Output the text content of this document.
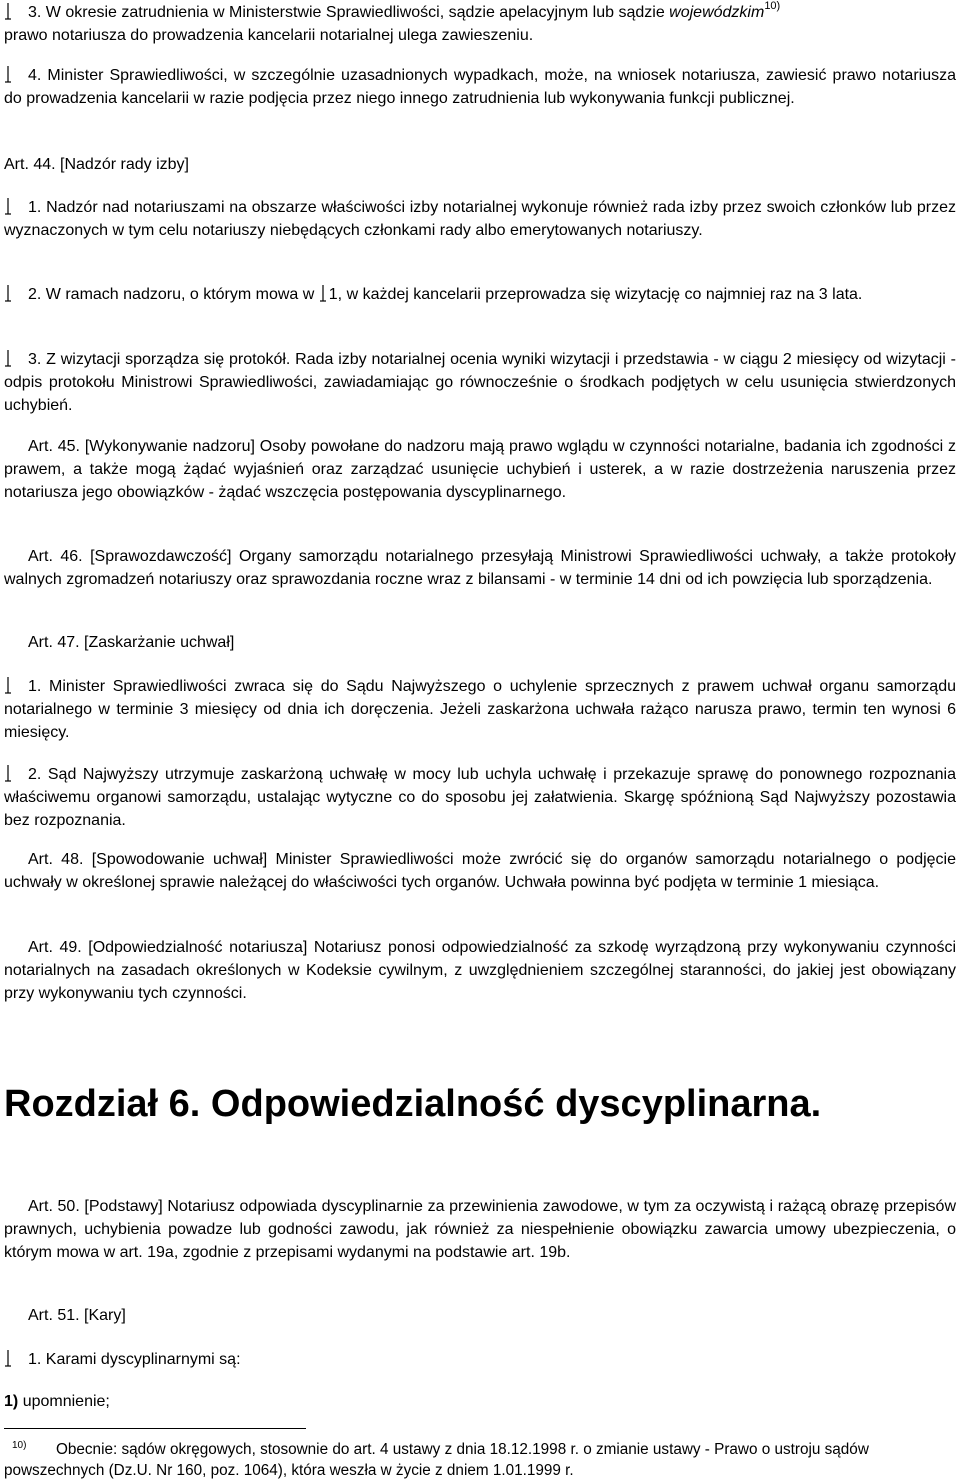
3. W okresie zatrudnienia w Ministerstwie Sprawiedliwości, sądzie apelacyjnym lub sądzie wojewódzkim$^{10)}$
prawo notariusza do prowadzenia kancelarii notarialnej ulega zawieszeniu.

4. Minister Sprawiedliwości, w szczególnie uzasadnionych wypadkach, może, na wniosek notariusza, zawiesić prawo notariusza do prowadzenia kancelarii w razie podjęcia przez niego innego zatrudnienia lub wykonywania funkcji publicznej.

Art. 44. [Nadzór rady izby]

1. Nadzór nad notariuszami na obszarze właściwości izby notarialnej wykonuje również rada izby przez swoich członków lub przez wyznaczonych w tym celu notariuszy niebędących członkami rady albo emerytowanych notariuszy.

2. W ramach nadzoru, o którym mowa w 1, w każdej kancelarii przeprowadza się wizytację co najmniej raz na 3 lata.

3. Z wizytacji sporządza się protokół. Rada izby notarialnej ocenia wyniki wizytacji i przedstawia - w ciągu 2 miesięcy od wizytacji - odpis protokołu Ministrowi Sprawiedliwości, zawiadamiając go równocześnie o środkach podjętych w celu usunięcia stwierdzonych uchybień.

Art. 45. [Wykonywanie nadzoru] Osoby powołane do nadzoru mają prawo wglądu w czynności notarialne, badania ich zgodności z prawem, a także mogą żądać wyjaśnień oraz zarządzać usunięcie uchybień i usterek, a w razie dostrzeżenia naruszenia przez notariusza jego obowiązków - żądać wszczęcia postępowania dyscyplinarnego.

Art. 46. [Sprawozdawczość] Organy samorządu notarialnego przesyłają Ministrowi Sprawiedliwości uchwały, a także protokoły walnych zgromadzeń notariuszy oraz sprawozdania roczne wraz z bilansami - w terminie 14 dni od ich powzięcia lub sporządzenia.

Art. 47. [Zaskarżanie uchwał]

1. Minister Sprawiedliwości zwraca się do Sądu Najwyższego o uchylenie sprzecznych z prawem uchwał organu samorządu notarialnego w terminie 3 miesięcy od dnia ich doręczenia. Jeżeli zaskarżona uchwała rażąco narusza prawo, termin ten wynosi 6 miesięcy.

2. Sąd Najwyższy utrzymuje zaskarżoną uchwałę w mocy lub uchyla uchwałę i przekazuje sprawę do ponownego rozpoznania właściwemu organowi samorządu, ustalając wytyczne co do sposobu jej załatwienia. Skargę spóźnioną Sąd Najwyższy pozostawia bez rozpoznania.

Art. 48. [Spowodowanie uchwał] Minister Sprawiedliwości może zwrócić się do organów samorządu notarialnego o podjęcie uchwały w określonej sprawie należącej do właściwości tych organów. Uchwała powinna być podjęta w terminie 1 miesiąca.

Art. 49. [Odpowiedzialność notariusza] Notariusz ponosi odpowiedzialność za szkodę wyrządzoną przy wykonywaniu czynności notarialnych na zasadach określonych w Kodeksie cywilnym, z uwzględnieniem szczególnej staranności, do jakiej jest obowiązany przy wykonywaniu tych czynności.

Rozdział 6. Odpowiedzialność dyscyplinarna.

Art. 50. [Podstawy] Notariusz odpowiada dyscyplinarnie za przewinienia zawodowe, w tym za oczywistą i rażącą obrazę przepisów prawnych, uchybienia powadze lub godności zawodu, jak również za niespełnienie obowiązku zawarcia umowy ubezpieczenia, o którym mowa w art. 19a, zgodnie z przepisami wydanymi na podstawie art. 19b.

Art. 51. [Kary]

1. Karami dyscyplinarnymi są:

1) upomnienie;

10) Obecnie: sądów okręgowych, stosownie do art. 4 ustawy z dnia 18.12.1998 r. o zmianie ustawy - Prawo o ustroju sądów powszechnych (Dz.U. Nr 160, poz. 1064), która weszła w życie z dniem 1.01.1999 r.
